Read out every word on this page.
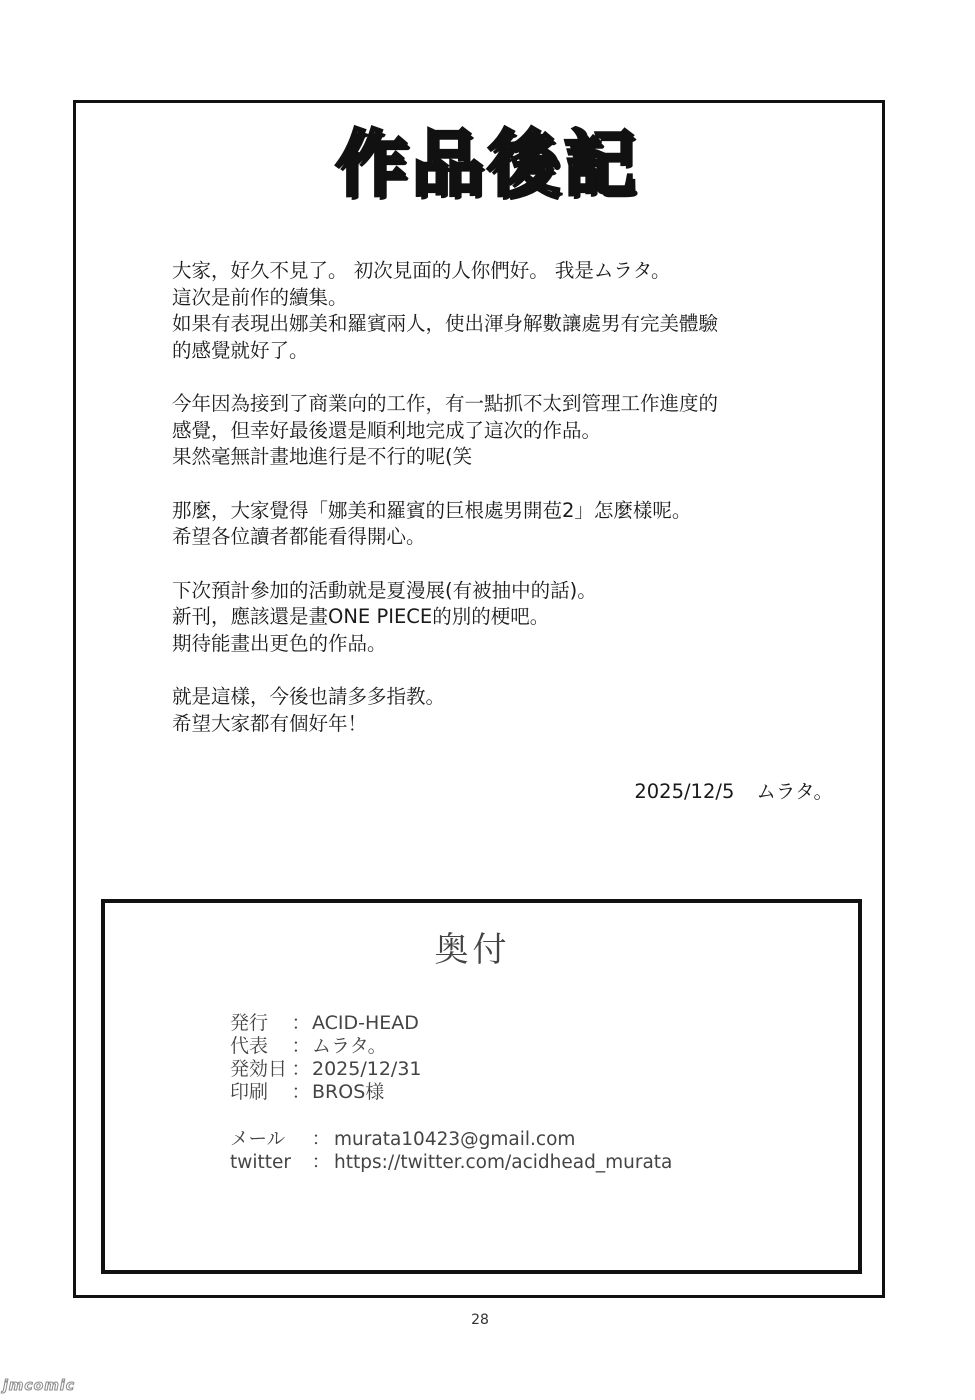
作品後記
大家，好久不見了。 初次見面的人你們好。 我是ムラタ。
這次是前作的續集。
如果有表現出娜美和羅賓兩人，使出渾身解數讓處男有完美體驗
的感覺就好了。
今年因為接到了商業向的工作，有一點抓不太到管理工作進度的
感覺，但幸好最後還是順利地完成了這次的作品。
果然毫無計畫地進行是不行的呢(笑
那麼，大家覺得「娜美和羅賓的巨根處男開苞2」怎麼樣呢。
希望各位讀者都能看得開心。
下次預計參加的活動就是夏漫展(有被抽中的話)。
新刊，應該還是畫ONE PIECE的別的梗吧。
期待能畫出更色的作品。
就是這樣，今後也請多多指教。
希望大家都有個好年！
2025/12/5 ムラタ。
奥付
発行 ：ACID-HEAD
代表 ：ムラタ。
発効日 ：2025/12/31
印刷 ：BROS様
メール ： murata10423@gmail.com
twitter ： https://twitter.com/acidhead_murata
28
jmcomic
